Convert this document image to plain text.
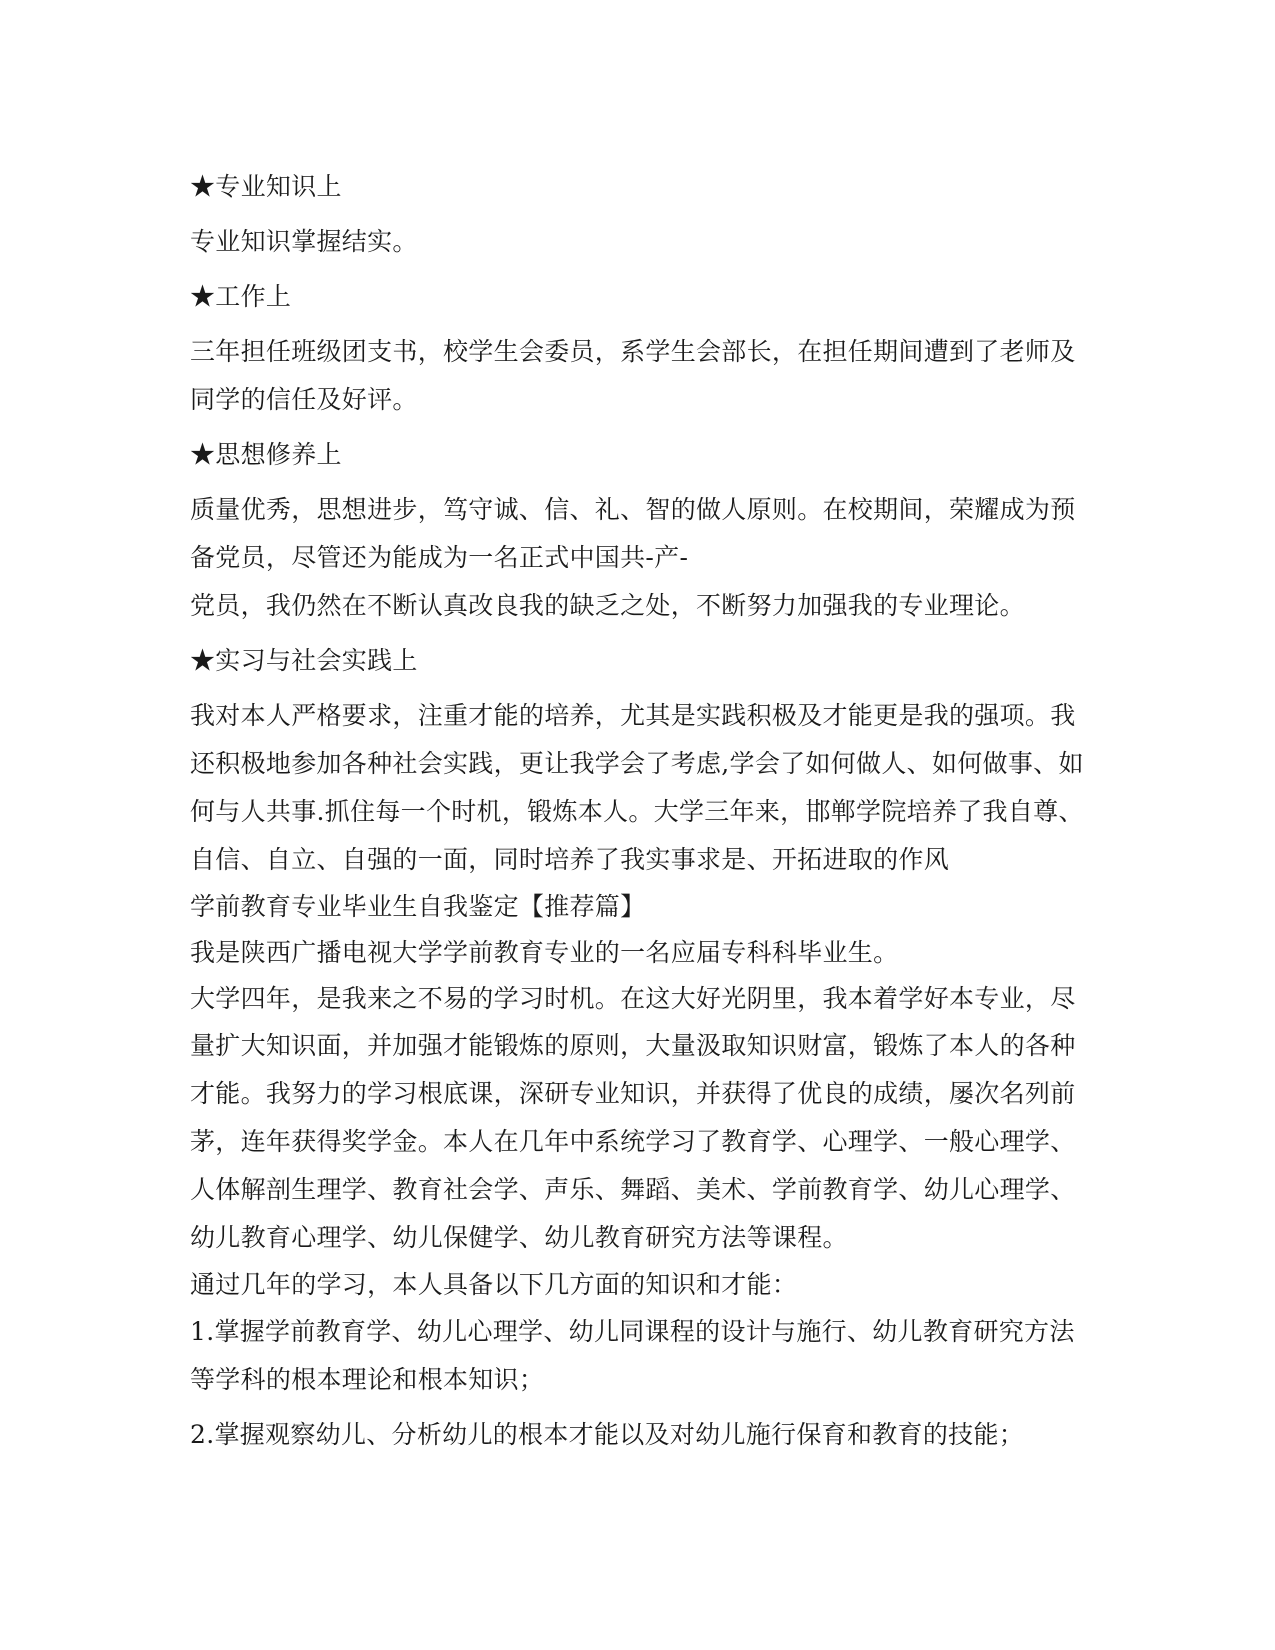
★专业知识上

专业知识掌握结实。

★工作上

三年担任班级团支书，校学生会委员，系学生会部长，在担任期间遭到了老师及

同学的信任及好评。

★思想修养上

质量优秀，思想进步，笃守诚、信、礼、智的做人原则。在校期间，荣耀成为预

备党员，尽管还为能成为一名正式中国共-产-

党员，我仍然在不断认真改良我的缺乏之处，不断努力加强我的专业理论。

★实习与社会实践上

我对本人严格要求，注重才能的培养，尤其是实践积极及才能更是我的强项。我

还积极地参加各种社会实践，更让我学会了考虑,学会了如何做人、如何做事、如

何与人共事.抓住每一个时机，锻炼本人。大学三年来，邯郸学院培养了我自尊、

自信、自立、自强的一面，同时培养了我实事求是、开拓进取的作风

学前教育专业毕业生自我鉴定【推荐篇】

我是陕西广播电视大学学前教育专业的一名应届专科科毕业生。

大学四年，是我来之不易的学习时机。在这大好光阴里，我本着学好本专业，尽

量扩大知识面，并加强才能锻炼的原则，大量汲取知识财富，锻炼了本人的各种

才能。我努力的学习根底课，深研专业知识，并获得了优良的成绩，屡次名列前

茅，连年获得奖学金。本人在几年中系统学习了教育学、心理学、一般心理学、

人体解剖生理学、教育社会学、声乐、舞蹈、美术、学前教育学、幼儿心理学、

幼儿教育心理学、幼儿保健学、幼儿教育研究方法等课程。

通过几年的学习，本人具备以下几方面的知识和才能：

1.掌握学前教育学、幼儿心理学、幼儿同课程的设计与施行、幼儿教育研究方法

等学科的根本理论和根本知识；

2.掌握观察幼儿、分析幼儿的根本才能以及对幼儿施行保育和教育的技能；
